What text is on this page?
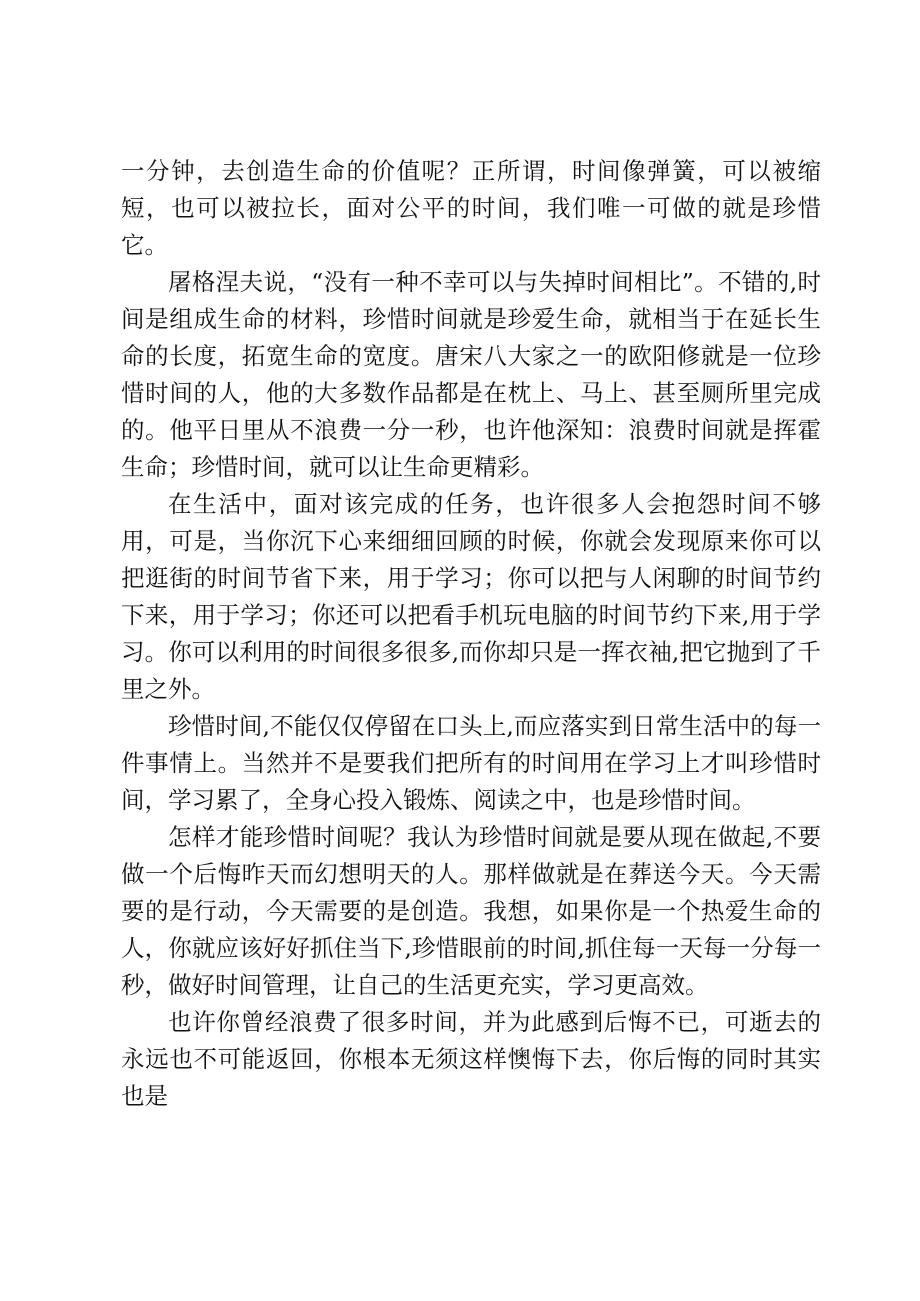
一分钟，去创造生命的价值呢？正所谓，时间像弹簧，可以被缩短，也可以被拉长，面对公平的时间，我们唯一可做的就是珍惜它。

屠格涅夫说，“没有一种不幸可以与失掉时间相比”。不错的,时间是组成生命的材料，珍惜时间就是珍爱生命，就相当于在延长生命的长度，拓宽生命的宽度。唐宋八大家之一的欧阳修就是一位珍惜时间的人，他的大多数作品都是在枕上、马上、甚至厕所里完成的。他平日里从不浪费一分一秒，也许他深知：浪费时间就是挥霍生命；珍惜时间，就可以让生命更精彩。

在生活中，面对该完成的任务，也许很多人会抱怨时间不够用，可是，当你沉下心来细细回顾的时候，你就会发现原来你可以把逛街的时间节省下来，用于学习；你可以把与人闲聊的时间节约下来，用于学习；你还可以把看手机玩电脑的时间节约下来,用于学习。你可以利用的时间很多很多,而你却只是一挥衣袖,把它抛到了千里之外。

珍惜时间,不能仅仅停留在口头上,而应落实到日常生活中的每一件事情上。当然并不是要我们把所有的时间用在学习上才叫珍惜时间，学习累了，全身心投入锻炼、阅读之中，也是珍惜时间。

怎样才能珍惜时间呢？我认为珍惜时间就是要从现在做起,不要做一个后悔昨天而幻想明天的人。那样做就是在葬送今天。今天需要的是行动，今天需要的是创造。我想，如果你是一个热爱生命的人，你就应该好好抓住当下,珍惜眼前的时间,抓住每一天每一分每一秒，做好时间管理，让自己的生活更充实，学习更高效。

也许你曾经浪费了很多时间，并为此感到后悔不已，可逝去的永远也不可能返回，你根本无须这样懊悔下去，你后悔的同时其实也是
